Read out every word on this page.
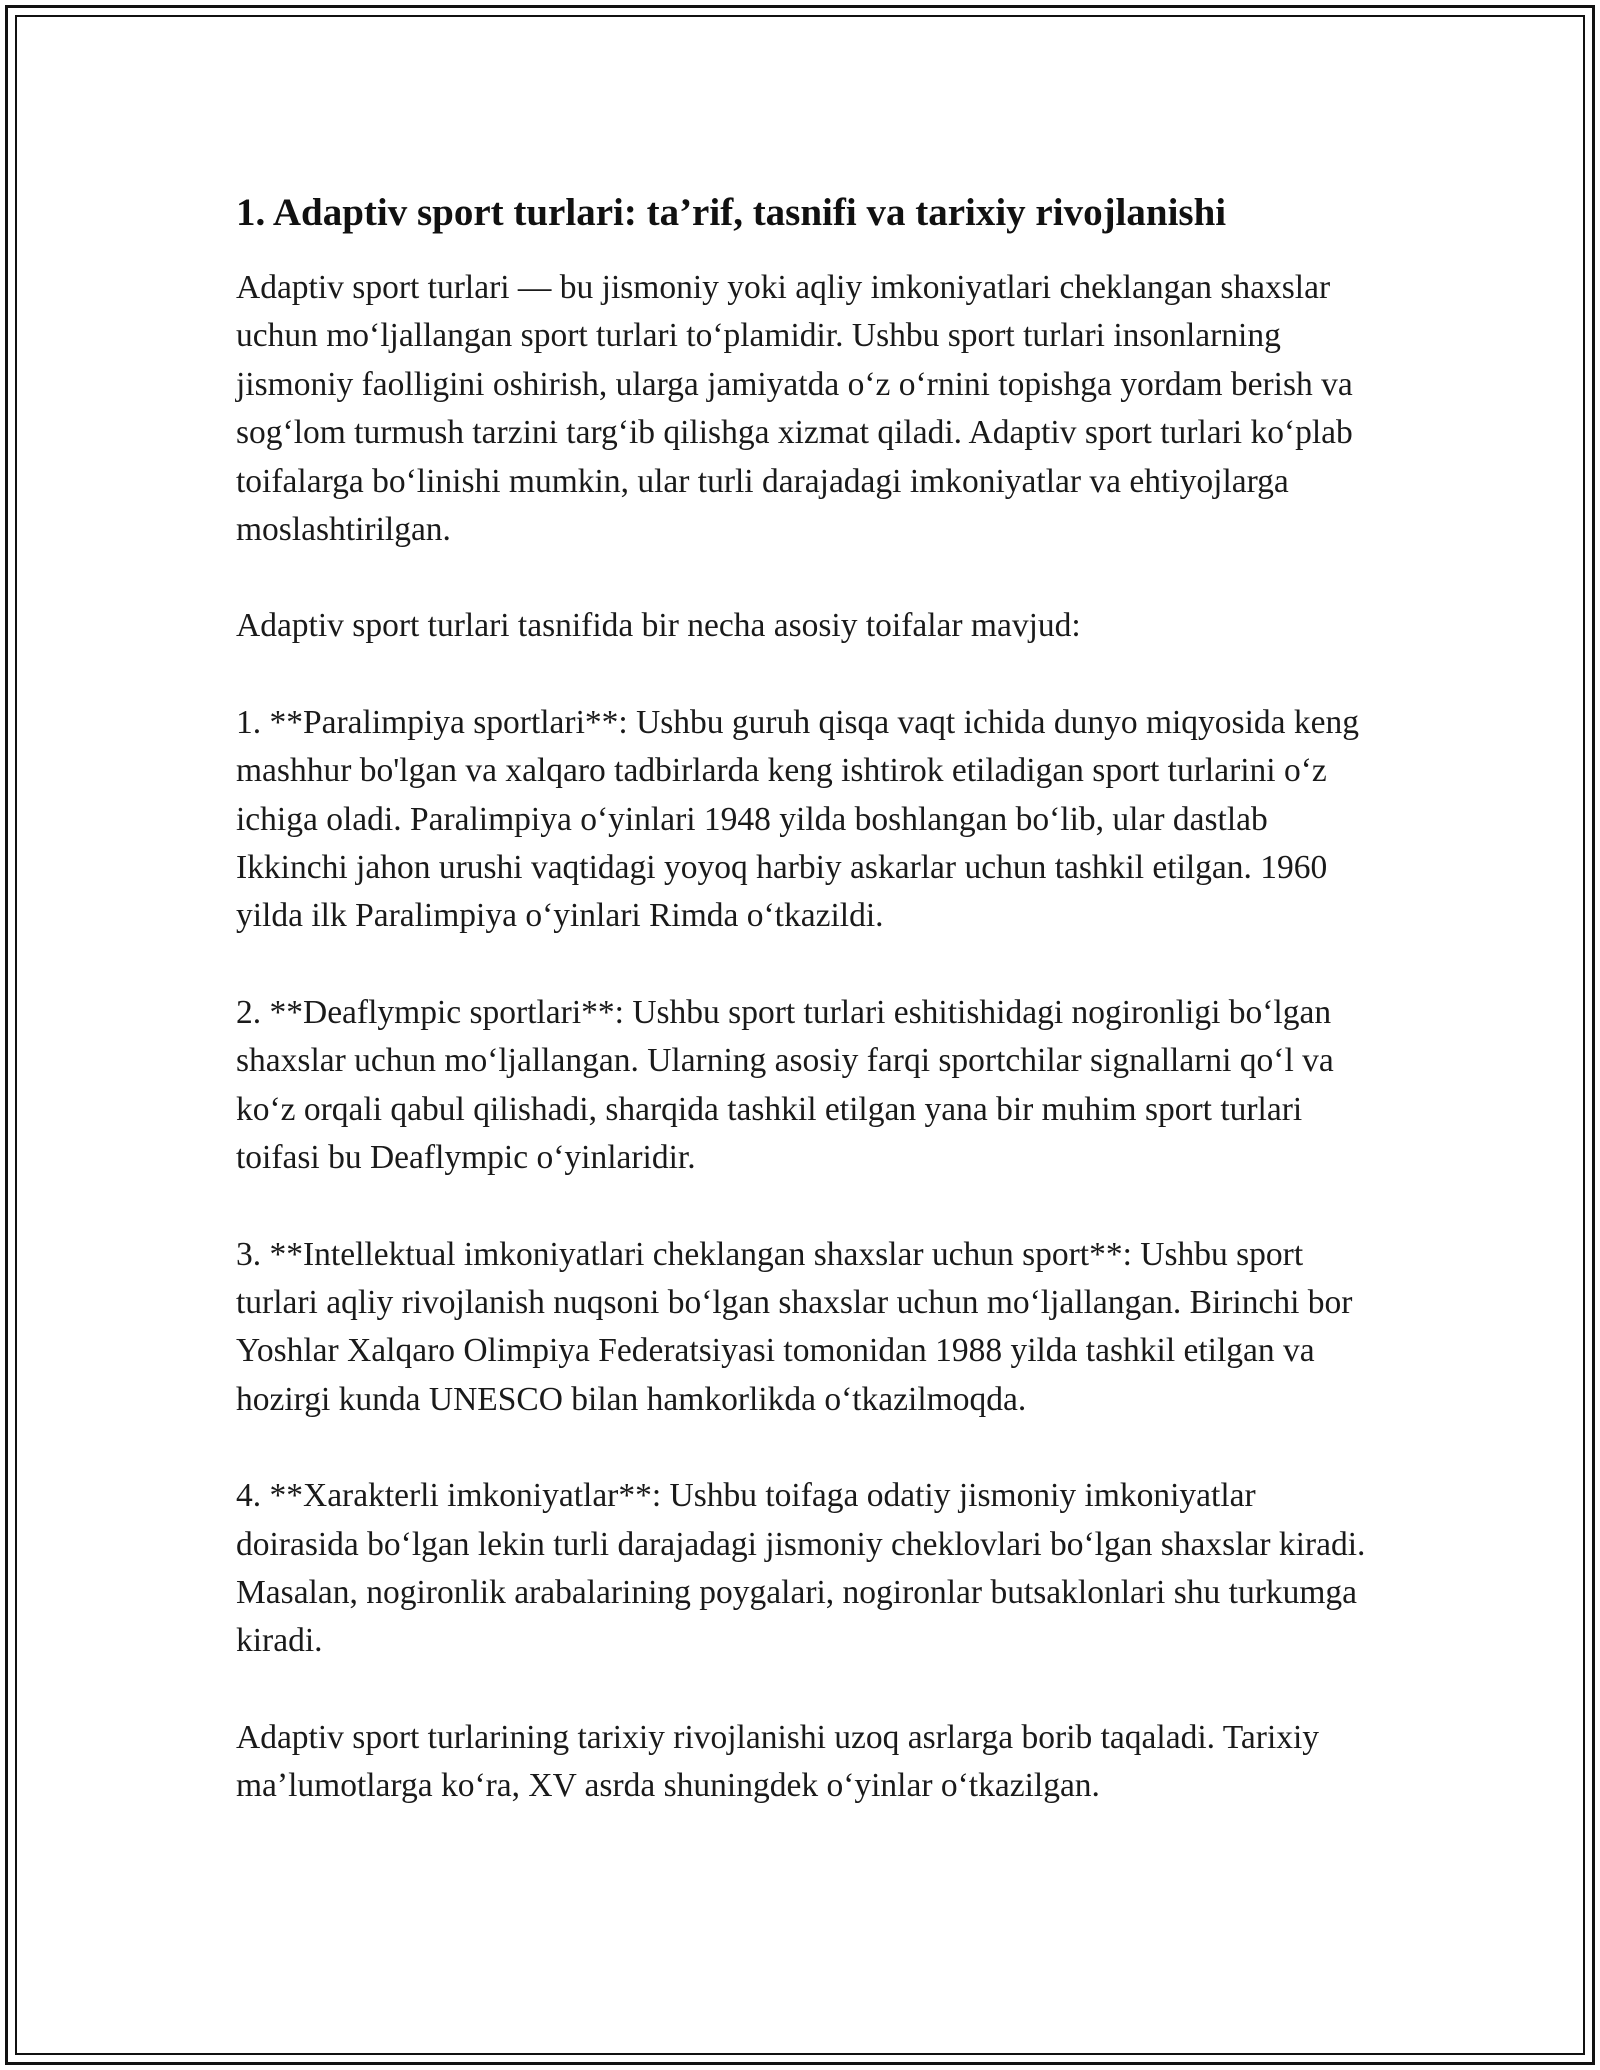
1. Adaptiv sport turlari: ta’rif, tasnifi va tarixiy rivojlanishi

Adaptiv sport turlari — bu jismoniy yoki aqliy imkoniyatlari cheklangan shaxslar uchun moʻljallangan sport turlari toʻplamidir. Ushbu sport turlari insonlarning jismoniy faolligini oshirish, ularga jamiyatda oʻz oʻrnini topishga yordam berish va sogʻlom turmush tarzini targʻib qilishga xizmat qiladi. Adaptiv sport turlari koʻplab toifalarga boʻlinishi mumkin, ular turli darajadagi imkoniyatlar va ehtiyojlarga moslashtirilgan.

Adaptiv sport turlari tasnifida bir necha asosiy toifalar mavjud:

1. **Paralimpiya sportlari**: Ushbu guruh qisqa vaqt ichida dunyo miqyosida keng mashhur bo'lgan va xalqaro tadbirlarda keng ishtirok etiladigan sport turlarini oʻz ichiga oladi. Paralimpiya oʻyinlari 1948 yilda boshlangan boʻlib, ular dastlab Ikkinchi jahon urushi vaqtidagi yoyoq harbiy askarlar uchun tashkil etilgan. 1960 yilda ilk Paralimpiya oʻyinlari Rimda oʻtkazildi.

2. **Deaflympic sportlari**: Ushbu sport turlari eshitishidagi nogironligi boʻlgan shaxslar uchun moʻljallangan. Ularning asosiy farqi sportchilar signallarni qoʻl va koʻz orqali qabul qilishadi, sharqida tashkil etilgan yana bir muhim sport turlari toifasi bu Deaflympic oʻyinlaridir.

3. **Intellektual imkoniyatlari cheklangan shaxslar uchun sport**: Ushbu sport turlari aqliy rivojlanish nuqsoni boʻlgan shaxslar uchun moʻljallangan. Birinchi bor Yoshlar Xalqaro Olimpiya Federatsiyasi tomonidan 1988 yilda tashkil etilgan va hozirgi kunda UNESCO bilan hamkorlikda oʻtkazilmoqda.

4. **Xarakterli imkoniyatlar**: Ushbu toifaga odatiy jismoniy imkoniyatlar doirasida boʻlgan lekin turli darajadagi jismoniy cheklovlari boʻlgan shaxslar kiradi. Masalan, nogironlik arabalarining poygalari, nogironlar butsaklonlari shu turkumga kiradi.

Adaptiv sport turlarining tarixiy rivojlanishi uzoq asrlarga borib taqaladi. Tarixiy maʼlumotlarga koʻra, XV asrda shuningdek oʻyinlar oʻtkazilgan.
